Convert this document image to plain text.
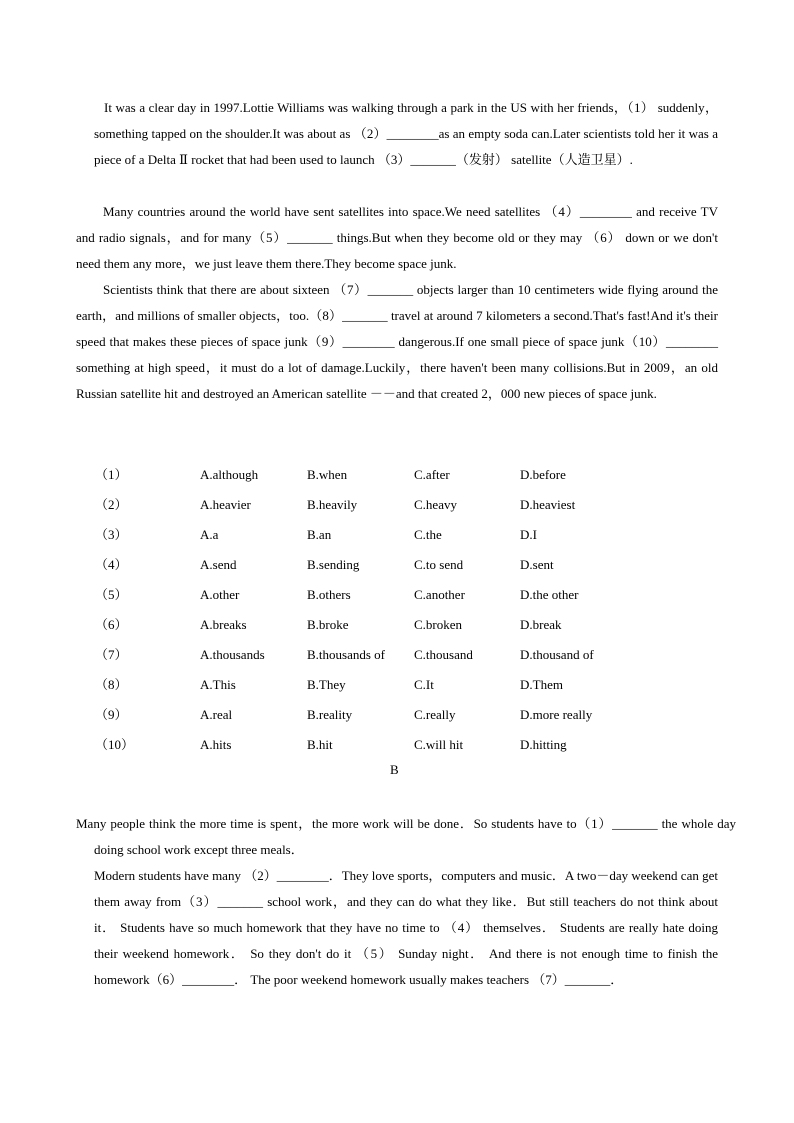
It was a clear day in 1997.Lottie Williams was walking through a park in the US with her friends，（1） suddenly，something tapped on the shoulder.It was about as （2）________as an empty soda can.Later scientists told her it was a piece of a Delta Ⅱ rocket that had been used to launch （3）_______（发射） satellite（人造卫星）.

Many countries around the world have sent satellites into space.We need satellites （4）________ and receive TV and radio signals，and for many（5）_______ things.But when they become old or they may （6） down or we don't need them any more，we just leave them there.They become space junk.

Scientists think that there are about sixteen （7）_______ objects larger than 10 centimeters wide flying around the earth，and millions of smaller objects，too.（8）_______ travel at around 7 kilometers a second.That's fast!And it's their speed that makes these pieces of space junk（9）________ dangerous.If one small piece of space junk（10）________ something at high speed，it must do a lot of damage.Luckily，there haven't been many collisions.But in 2009，an old Russian satellite hit and destroyed an American satellite －－and that created 2，000 new pieces of space junk.

（1）	A.although	B.when	C.after	D.before
（2）	A.heavier	B.heavily	C.heavy	D.heaviest
（3）	A.a	B.an	C.the	D.I
（4）	A.send	B.sending	C.to send	D.sent
（5）	A.other	B.others	C.another	D.the other
（6）	A.breaks	B.broke	C.broken	D.break
（7）	A.thousands	B.thousands of C.thousand	D.thousand of
（8）	A.This	B.They	C.It	D.Them
（9）	A.real	B.reality	C.really	D.more really
（10）	A.hits	B.hit	C.will hit	D.hitting
B

Many people think the more time is spent，the more work will be done．So students have to（1）_______ the whole day doing school work except three meals．

Modern students have many （2）________．They love sports，computers and music．A two－day weekend can get them away from（3）_______ school work，and they can do what they like．But still teachers do not think about it． Students have so much homework that they have no time to （4） themselves． Students are really hate doing their weekend homework． So they don't do it （5） Sunday night． And there is not enough time to finish the homework（6）________． The poor weekend homework usually makes teachers （7）_______．
